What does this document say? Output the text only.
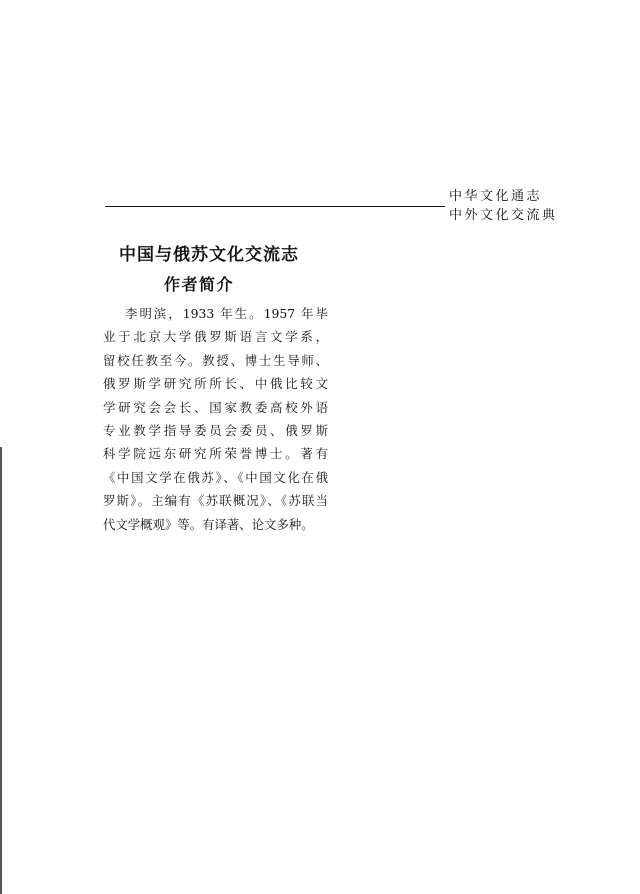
中华文化通志
中外文化交流典
中国与俄苏文化交流志
作者简介
李明滨，1933 年生。1957 年毕
业于北京大学俄罗斯语言文学系，
留校任教至今。教授、博士生导师、
俄罗斯学研究所所长、中俄比较文
学研究会会长、国家教委高校外语
专业教学指导委员会委员、俄罗斯
科学院远东研究所荣誉博士。著有
《中国文学在俄苏》、《中国文化在俄
罗斯》。主编有《苏联概况》、《苏联当
代文学概观》等。有译著、论文多种。
